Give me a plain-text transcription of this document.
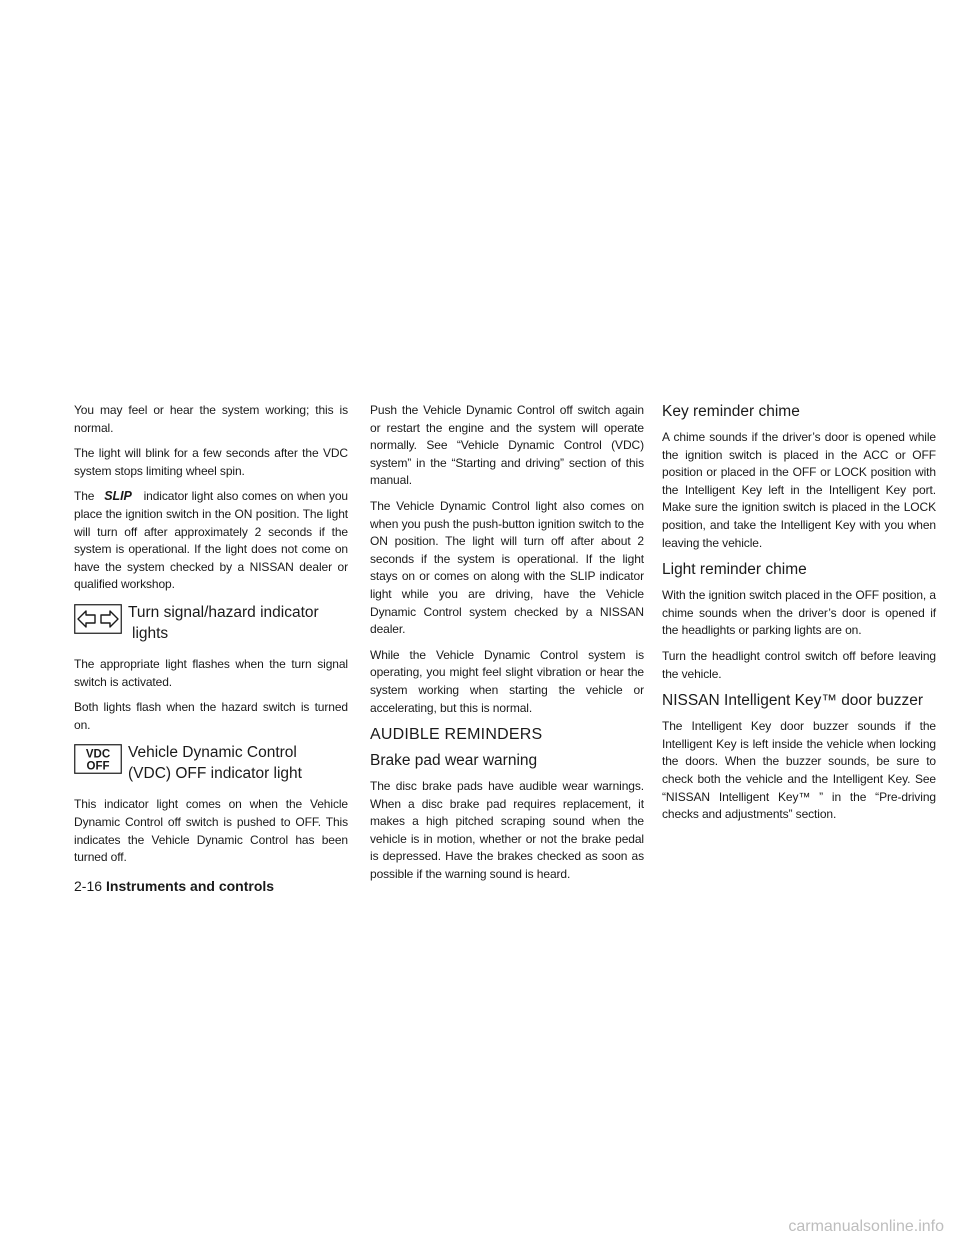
You may feel or hear the system working; this is normal.

The light will blink for a few seconds after the VDC system stops limiting wheel spin.

The SLIP indicator light also comes on when you place the ignition switch in the ON position. The light will turn off after approximately 2 seconds if the system is operational. If the light does not come on have the system checked by a NISSAN dealer or qualified workshop.

Turn signal/hazard indicator
lights

The appropriate light flashes when the turn signal switch is activated.

Both lights flash when the hazard switch is turned on.

VDC
OFF
Vehicle Dynamic Control
(VDC) OFF indicator light

This indicator light comes on when the Vehicle Dynamic Control off switch is pushed to OFF. This indicates the Vehicle Dynamic Control has been turned off.

Push the Vehicle Dynamic Control off switch again or restart the engine and the system will operate normally. See “Vehicle Dynamic Control (VDC) system” in the “Starting and driving” section of this manual.

The Vehicle Dynamic Control light also comes on when you push the push-button ignition switch to the ON position. The light will turn off after about 2 seconds if the system is operational. If the light stays on or comes on along with the SLIP indicator light while you are driving, have the Vehicle Dynamic Control system checked by a NISSAN dealer.

While the Vehicle Dynamic Control system is operating, you might feel slight vibration or hear the system working when starting the vehicle or accelerating, but this is normal.

AUDIBLE REMINDERS
Brake pad wear warning

The disc brake pads have audible wear warnings. When a disc brake pad requires replacement, it makes a high pitched scraping sound when the vehicle is in motion, whether or not the brake pedal is depressed. Have the brakes checked as soon as possible if the warning sound is heard.

Key reminder chime

A chime sounds if the driver’s door is opened while the ignition switch is placed in the ACC or OFF position or placed in the OFF or LOCK position with the Intelligent Key left in the Intelligent Key port. Make sure the ignition switch is placed in the LOCK position, and take the Intelligent Key with you when leaving the vehicle.

Light reminder chime

With the ignition switch placed in the OFF position, a chime sounds when the driver’s door is opened if the headlights or parking lights are on.

Turn the headlight control switch off before leaving the vehicle.

NISSAN Intelligent Key™ door buzzer

The Intelligent Key door buzzer sounds if the Intelligent Key is left inside the vehicle when locking the doors. When the buzzer sounds, be sure to check both the vehicle and the Intelligent Key. See “NISSAN Intelligent Key™ ” in the “Pre-driving checks and adjustments” section.

2-16 Instruments and controls
carmanualsonline.info
